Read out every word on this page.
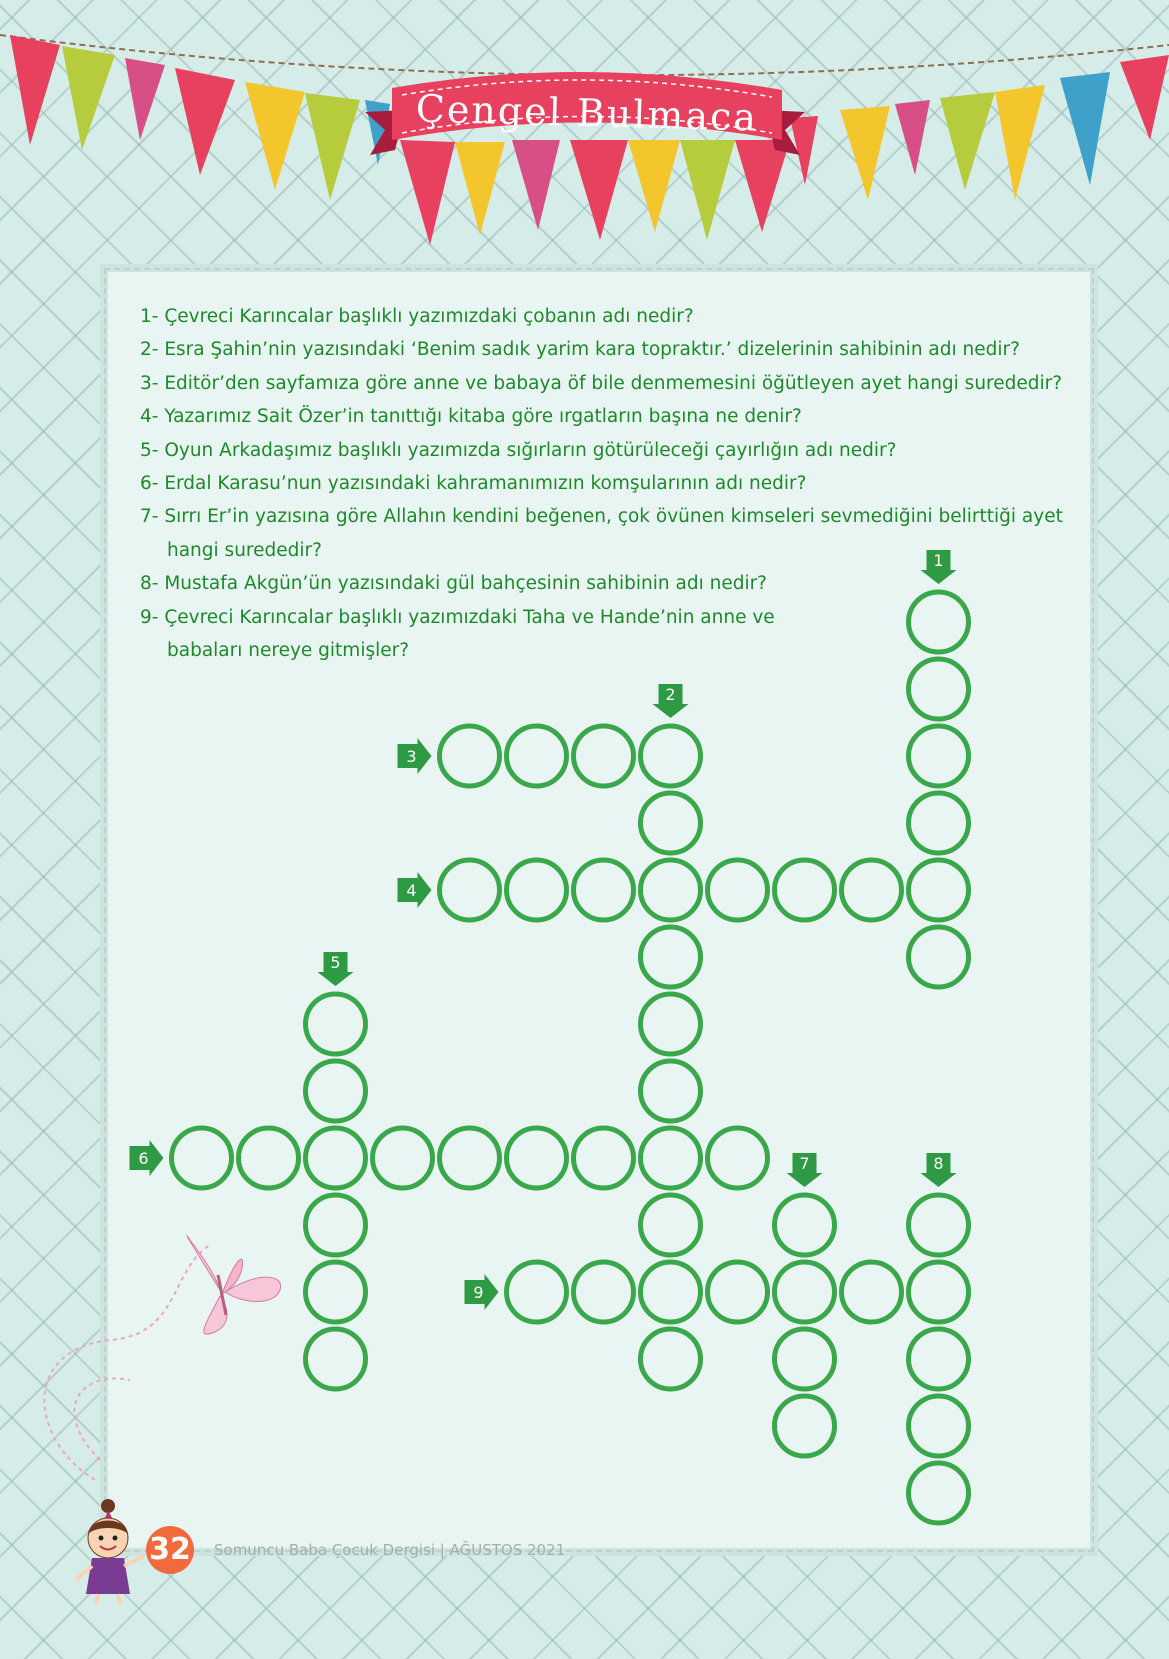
Çengel Bulmaca
1- Çevreci Karıncalar başlıklı yazımızdaki çobanın adı nedir?
2- Esra Şahin’nin yazısındaki ‘Benim sadık yarim kara topraktır.’ dizelerinin sahibinin adı nedir?
3- Editör’den sayfamıza göre anne ve babaya öf bile denmemesini öğütleyen ayet hangi surededir?
4- Yazarımız Sait Özer’in tanıttığı kitaba göre ırgatların başına ne denir?
5- Oyun Arkadaşımız başlıklı yazımızda sığırların götürüleceği çayırlığın adı nedir?
6- Erdal Karasu’nun yazısındaki kahramanımızın komşularının adı nedir?
7- Sırrı Er’in yazısına göre Allahın kendini beğenen, çok övünen kimseleri sevmediğini belirttiği ayet hangi surededir?
8- Mustafa Akgün’ün yazısındaki gül bahçesinin sahibinin adı nedir?
9- Çevreci Karıncalar başlıklı yazımızdaki Taha ve Hande’nin anne ve babaları nereye gitmişler?
1
2
3
4
5
6	7	8
9
32 Somuncu Baba Çocuk Dergisi | AĞUSTOS 2021
